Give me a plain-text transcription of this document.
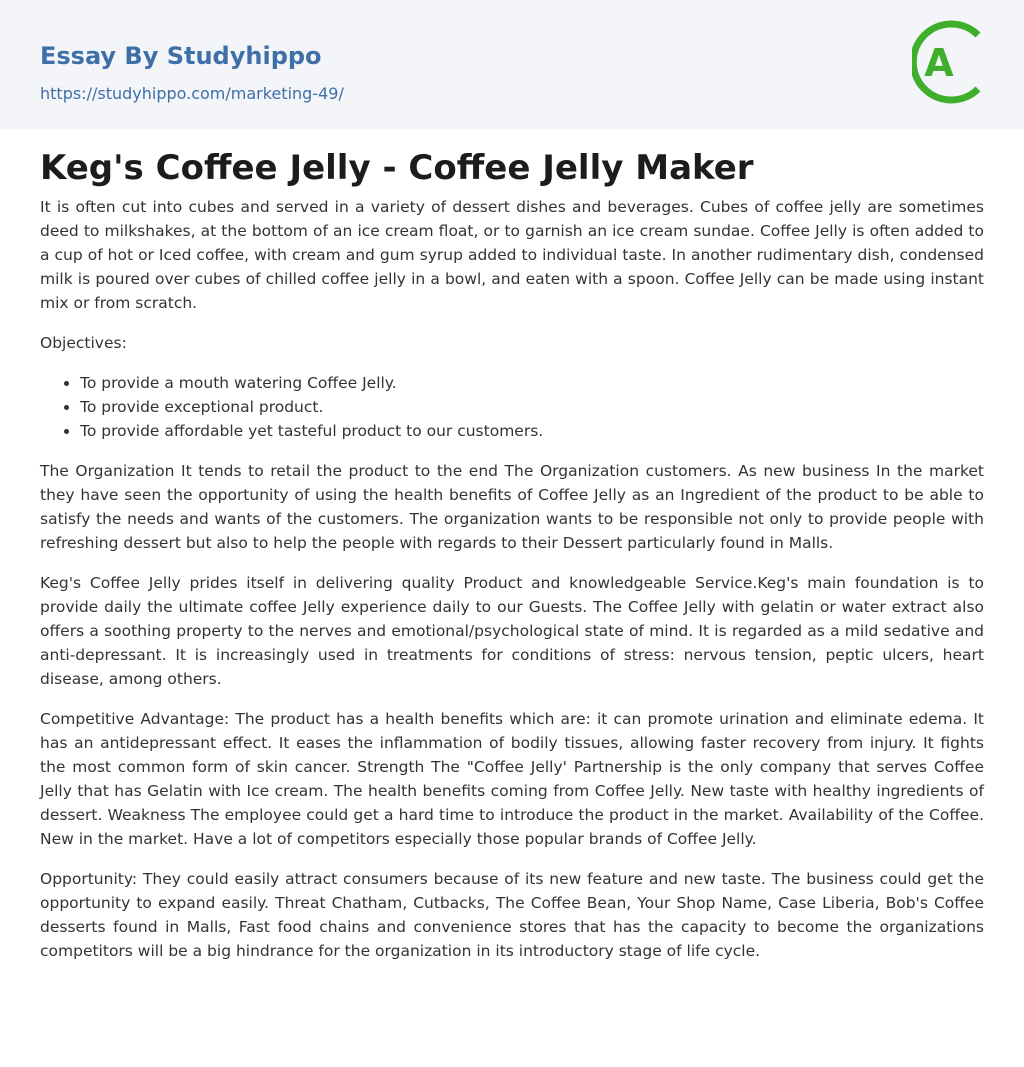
Essay By Studyhippo
https://studyhippo.com/marketing-49/
A
Keg's Coffee Jelly - Coffee Jelly Maker

It is often cut into cubes and served in a variety of dessert dishes and beverages. Cubes of coffee jelly are sometimes deed to milkshakes, at the bottom of an ice cream float, or to garnish an ice cream sundae. Coffee Jelly is often added to a cup of hot or Iced coffee, with cream and gum syrup added to individual taste. In another rudimentary dish, condensed milk is poured over cubes of chilled coffee jelly in a bowl, and eaten with a spoon. Coffee Jelly can be made using instant mix or from scratch.

Objectives:

• To provide a mouth watering Coffee Jelly.
• To provide exceptional product.
• To provide affordable yet tasteful product to our customers.

The Organization It tends to retail the product to the end The Organization customers. As new business In the market they have seen the opportunity of using the health benefits of Coffee Jelly as an Ingredient of the product to be able to satisfy the needs and wants of the customers. The organization wants to be responsible not only to provide people with refreshing dessert but also to help the people with regards to their Dessert particularly found in Malls.

Keg's Coffee Jelly prides itself in delivering quality Product and knowledgeable Service.Keg's main foundation is to provide daily the ultimate coffee Jelly experience daily to our Guests. The Coffee Jelly with gelatin or water extract also offers a soothing property to the nerves and emotional/psychological state of mind. It is regarded as a mild sedative and anti-depressant. It is increasingly used in treatments for conditions of stress: nervous tension, peptic ulcers, heart disease, among others.

Competitive Advantage: The product has a health benefits which are: it can promote urination and eliminate edema. It has an antidepressant effect. It eases the inflammation of bodily tissues, allowing faster recovery from injury. It fights the most common form of skin cancer. Strength The "Coffee Jelly' Partnership is the only company that serves Coffee Jelly that has Gelatin with Ice cream. The health benefits coming from Coffee Jelly. New taste with healthy ingredients of dessert. Weakness The employee could get a hard time to introduce the product in the market. Availability of the Coffee. New in the market. Have a lot of competitors especially those popular brands of Coffee Jelly.

Opportunity: They could easily attract consumers because of its new feature and new taste. The business could get the opportunity to expand easily. Threat Chatham, Cutbacks, The Coffee Bean, Your Shop Name, Case Liberia, Bob's Coffee desserts found in Malls, Fast food chains and convenience stores that has the capacity to become the organizations competitors will be a big hindrance for the organization in its introductory stage of life cycle.
